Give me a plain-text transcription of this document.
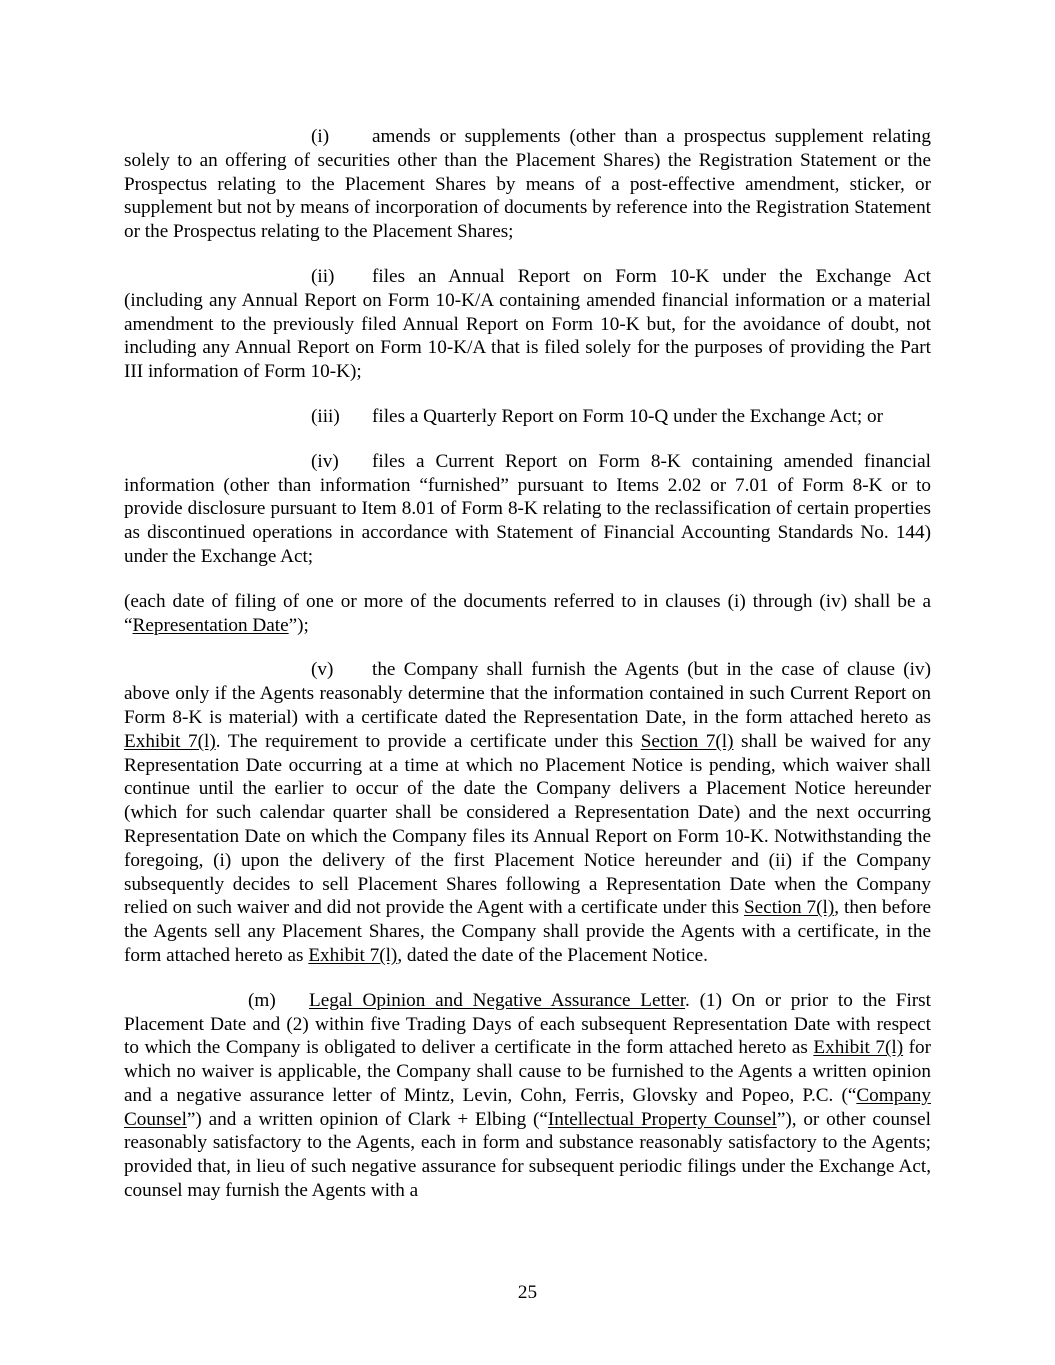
(i) amends or supplements (other than a prospectus supplement relating solely to an offering of securities other than the Placement Shares) the Registration Statement or the Prospectus relating to the Placement Shares by means of a post-effective amendment, sticker, or supplement but not by means of incorporation of documents by reference into the Registration Statement or the Prospectus relating to the Placement Shares;

(ii) files an Annual Report on Form 10-K under the Exchange Act (including any Annual Report on Form 10-K/A containing amended financial information or a material amendment to the previously filed Annual Report on Form 10-K but, for the avoidance of doubt, not including any Annual Report on Form 10-K/A that is filed solely for the purposes of providing the Part III information of Form 10-K);

(iii) files a Quarterly Report on Form 10-Q under the Exchange Act; or

(iv) files a Current Report on Form 8-K containing amended financial information (other than information “furnished” pursuant to Items 2.02 or 7.01 of Form 8-K or to provide disclosure pursuant to Item 8.01 of Form 8-K relating to the reclassification of certain properties as discontinued operations in accordance with Statement of Financial Accounting Standards No. 144) under the Exchange Act;

(each date of filing of one or more of the documents referred to in clauses (i) through (iv) shall be a “Representation Date”);

(v) the Company shall furnish the Agents (but in the case of clause (iv) above only if the Agents reasonably determine that the information contained in such Current Report on Form 8-K is material) with a certificate dated the Representation Date, in the form attached hereto as Exhibit 7(l). The requirement to provide a certificate under this Section 7(l) shall be waived for any Representation Date occurring at a time at which no Placement Notice is pending, which waiver shall continue until the earlier to occur of the date the Company delivers a Placement Notice hereunder (which for such calendar quarter shall be considered a Representation Date) and the next occurring Representation Date on which the Company files its Annual Report on Form 10-K. Notwithstanding the foregoing, (i) upon the delivery of the first Placement Notice hereunder and (ii) if the Company subsequently decides to sell Placement Shares following a Representation Date when the Company relied on such waiver and did not provide the Agent with a certificate under this Section 7(l), then before the Agents sell any Placement Shares, the Company shall provide the Agents with a certificate, in the form attached hereto as Exhibit 7(l), dated the date of the Placement Notice.

(m) Legal Opinion and Negative Assurance Letter. (1) On or prior to the First Placement Date and (2) within five Trading Days of each subsequent Representation Date with respect to which the Company is obligated to deliver a certificate in the form attached hereto as Exhibit 7(l) for which no waiver is applicable, the Company shall cause to be furnished to the Agents a written opinion and a negative assurance letter of Mintz, Levin, Cohn, Ferris, Glovsky and Popeo, P.C. (“Company Counsel”) and a written opinion of Clark + Elbing (“Intellectual Property Counsel”), or other counsel reasonably satisfactory to the Agents, each in form and substance reasonably satisfactory to the Agents; provided that, in lieu of such negative assurance for subsequent periodic filings under the Exchange Act, counsel may furnish the Agents with a

25
